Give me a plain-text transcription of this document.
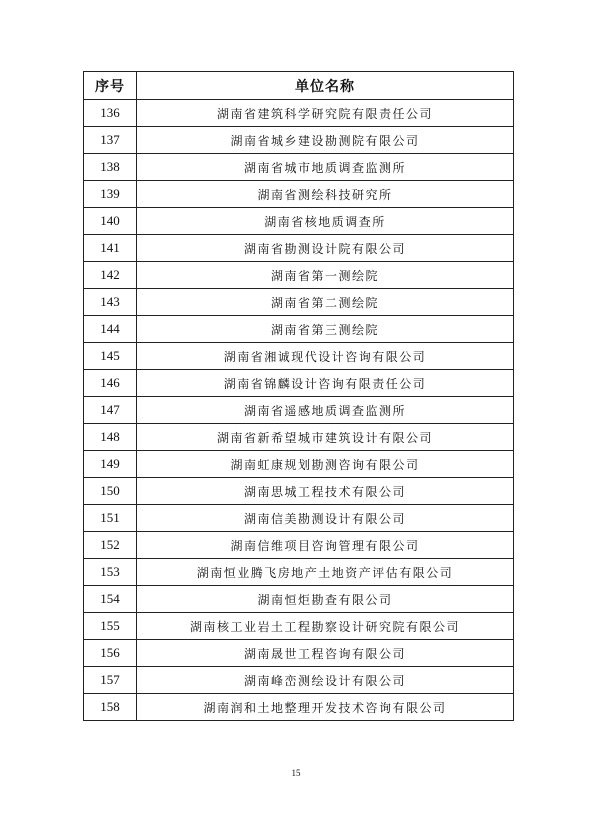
序号	单位名称
136	湖南省建筑科学研究院有限责任公司
137	湖南省城乡建设勘测院有限公司
138	湖南省城市地质调查监测所
139	湖南省测绘科技研究所
140	湖南省核地质调查所
141	湖南省勘测设计院有限公司
142	湖南省第一测绘院
143	湖南省第二测绘院
144	湖南省第三测绘院
145	湖南省湘诚现代设计咨询有限公司
146	湖南省锦麟设计咨询有限责任公司
147	湖南省遥感地质调查监测所
148	湖南省新希望城市建筑设计有限公司
149	湖南虹康规划勘测咨询有限公司
150	湖南思城工程技术有限公司
151	湖南信美勘测设计有限公司
152	湖南信维项目咨询管理有限公司
153	湖南恒业腾飞房地产土地资产评估有限公司
154	湖南恒炬勘查有限公司
155	湖南核工业岩土工程勘察设计研究院有限公司
156	湖南晟世工程咨询有限公司
157	湖南峰峦测绘设计有限公司
158	湖南润和土地整理开发技术咨询有限公司
15
